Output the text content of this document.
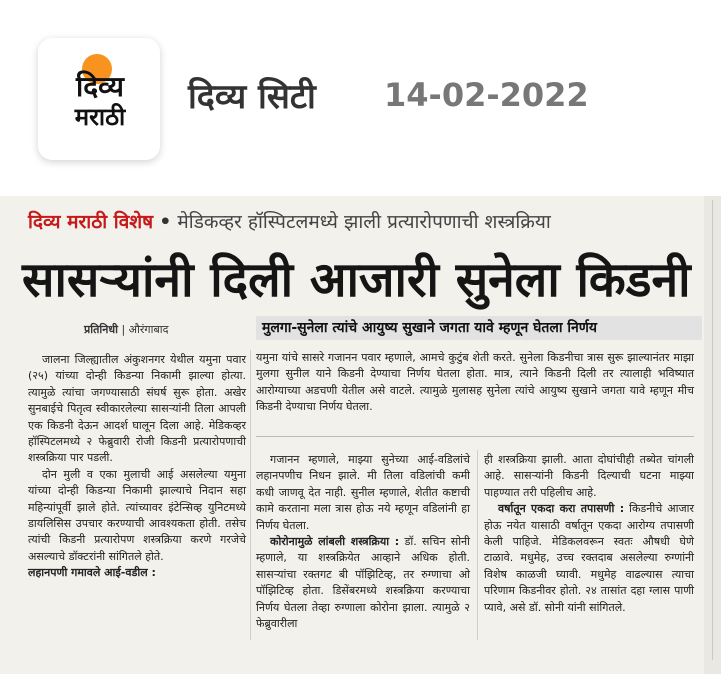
दिव्य
मराठी	दिव्य सिटी 14-02-2022
दिव्य मराठी विशेष • मेडिकव्हर हॉस्पिटलमध्ये झाली प्रत्यारोपणाची शस्त्रक्रिया
सासऱ्यांनी दिली आजारी सुनेला किडनी
प्रतिनिधी | औरंगाबाद	मुलगा-सुनेला त्यांचे आयुष्य सुखाने जगता यावे म्हणून घेतला निर्णय

जालना जिल्ह्यातील अंकुशनगर येथील यमुना पवार (२५) यांच्या दोन्ही किडन्या निकामी झाल्या होत्या. त्यामुळे त्यांचा जगण्यासाठी संघर्ष सुरू होता. अखेर सुनबाईचे पितृत्व स्वीकारलेल्या सासऱ्यांनी तिला आपली एक किडनी देऊन आदर्श घालून दिला आहे. मेडिकव्हर हॉस्पिटलमध्ये २ फेब्रुवारी रोजी किडनी प्रत्यारोपणाची शस्त्रक्रिया पार पडली.

दोन मुली व एका मुलाची आई असलेल्या यमुना यांच्या दोन्ही किडन्या निकामी झाल्याचे निदान सहा महिन्यांपूर्वी झाले होते. त्यांच्यावर इंटेन्सिव्ह युनिटमध्ये डायलिसिस उपचार करण्याची आवश्यकता होती. तसेच त्यांची किडनी प्रत्यारोपण शस्त्रक्रिया करणे गरजेचे असल्याचे डॉक्टरांनी सांगितले होते.

लहानपणी गमावले आई-वडील :

यमुना यांचे सासरे गजानन पवार म्हणाले, आमचे कुटुंब शेती करते. सुनेला किडनीचा त्रास सुरू झाल्यानंतर माझा मुलगा सुनील याने किडनी देण्याचा निर्णय घेतला होता. मात्र, त्याने किडनी दिली तर त्यालाही भविष्यात आरोग्याच्या अडचणी येतील असे वाटले. त्यामुळे मुलासह सुनेला त्यांचे आयुष्य सुखाने जगता यावे म्हणून मीच किडनी देण्याचा निर्णय घेतला.

गजानन म्हणाले, माझ्या सुनेच्या आई-वडिलांचे लहानपणीच निधन झाले. मी तिला वडिलांची कमी कधी जाणवू देत नाही. सुनील म्हणाले, शेतीत कष्टाची कामे करताना मला त्रास होऊ नये म्हणून वडिलांनी हा निर्णय घेतला.

कोरोनामुळे लांबली शस्त्रक्रिया : डॉ. सचिन सोनी म्हणाले, या शस्त्रक्रियेत आव्हाने अधिक होती. सासऱ्यांचा रक्तगट बी पॉझिटिव्ह, तर रुग्णाचा ओ पॉझिटिव्ह होता. डिसेंबरमध्ये शस्त्रक्रिया करण्याचा निर्णय घेतला तेव्हा रुग्णाला कोरोना झाला. त्यामुळे २ फेब्रुवारीला

ही शस्त्रक्रिया झाली. आता दोघांचीही तब्येत चांगली आहे. सासऱ्यांनी किडनी दिल्याची घटना माझ्या पाहण्यात तरी पहिलीच आहे.

वर्षातून एकदा करा तपासणी : किडनीचे आजार होऊ नयेत यासाठी वर्षातून एकदा आरोग्य तपासणी केली पाहिजे. मेडिकलवरून स्वतः औषधी घेणे टाळावे. मधुमेह, उच्च रक्तदाब असलेल्या रुग्णांनी विशेष काळजी घ्यावी. मधुमेह वाढल्यास त्याचा परिणाम किडनीवर होतो. २४ तासांत दहा ग्लास पाणी प्यावे, असे डॉ. सोनी यांनी सांगितले.
